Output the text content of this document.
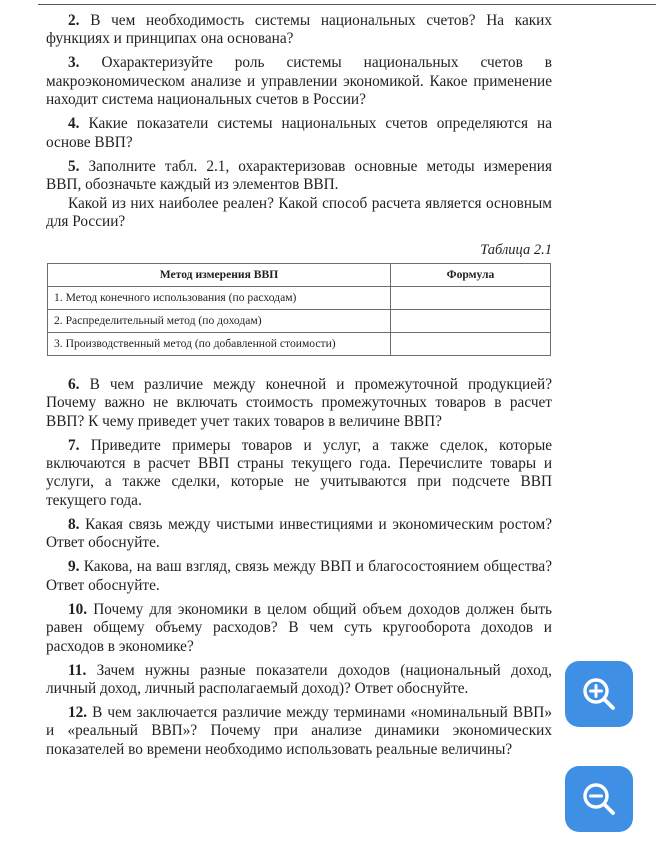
2. В чем необходимость системы национальных счетов? На каких функциях и принципах она основана?

3. Охарактеризуйте роль системы национальных счетов в макроэкономическом анализе и управлении экономикой. Какое применение находит система национальных счетов в России?

4. Какие показатели системы национальных счетов определяются на основе ВВП?

5. Заполните табл. 2.1, охарактеризовав основные методы измерения ВВП, обозначьте каждый из элементов ВВП.

Какой из них наиболее реален? Какой способ расчета является основным для России?

Таблица 2.1
Метод измерения ВВП	Формула
1. Метод конечного использования (по расходам)	
2. Распределительный метод (по доходам)	
3. Производственный метод (по добавленной стоимости)	

6. В чем различие между конечной и промежуточной продукцией? Почему важно не включать стоимость промежуточных товаров в расчет ВВП? К чему приведет учет таких товаров в величине ВВП?

7. Приведите примеры товаров и услуг, а также сделок, которые включаются в расчет ВВП страны текущего года. Перечислите товары и услуги, а также сделки, которые не учитываются при подсчете ВВП текущего года.

8. Какая связь между чистыми инвестициями и экономическим ростом? Ответ обоснуйте.

9. Какова, на ваш взгляд, связь между ВВП и благосостоянием общества? Ответ обоснуйте.

10. Почему для экономики в целом общий объем доходов должен быть равен общему объему расходов? В чем суть кругооборота доходов и расходов в экономике?

11. Зачем нужны разные показатели доходов (национальный доход, личный доход, личный располагаемый доход)? Ответ обоснуйте.

12. В чем заключается различие между терминами «номинальный ВВП» и «реальный ВВП»? Почему при анализе динамики экономических показателей во времени необходимо использовать реальные величины?
